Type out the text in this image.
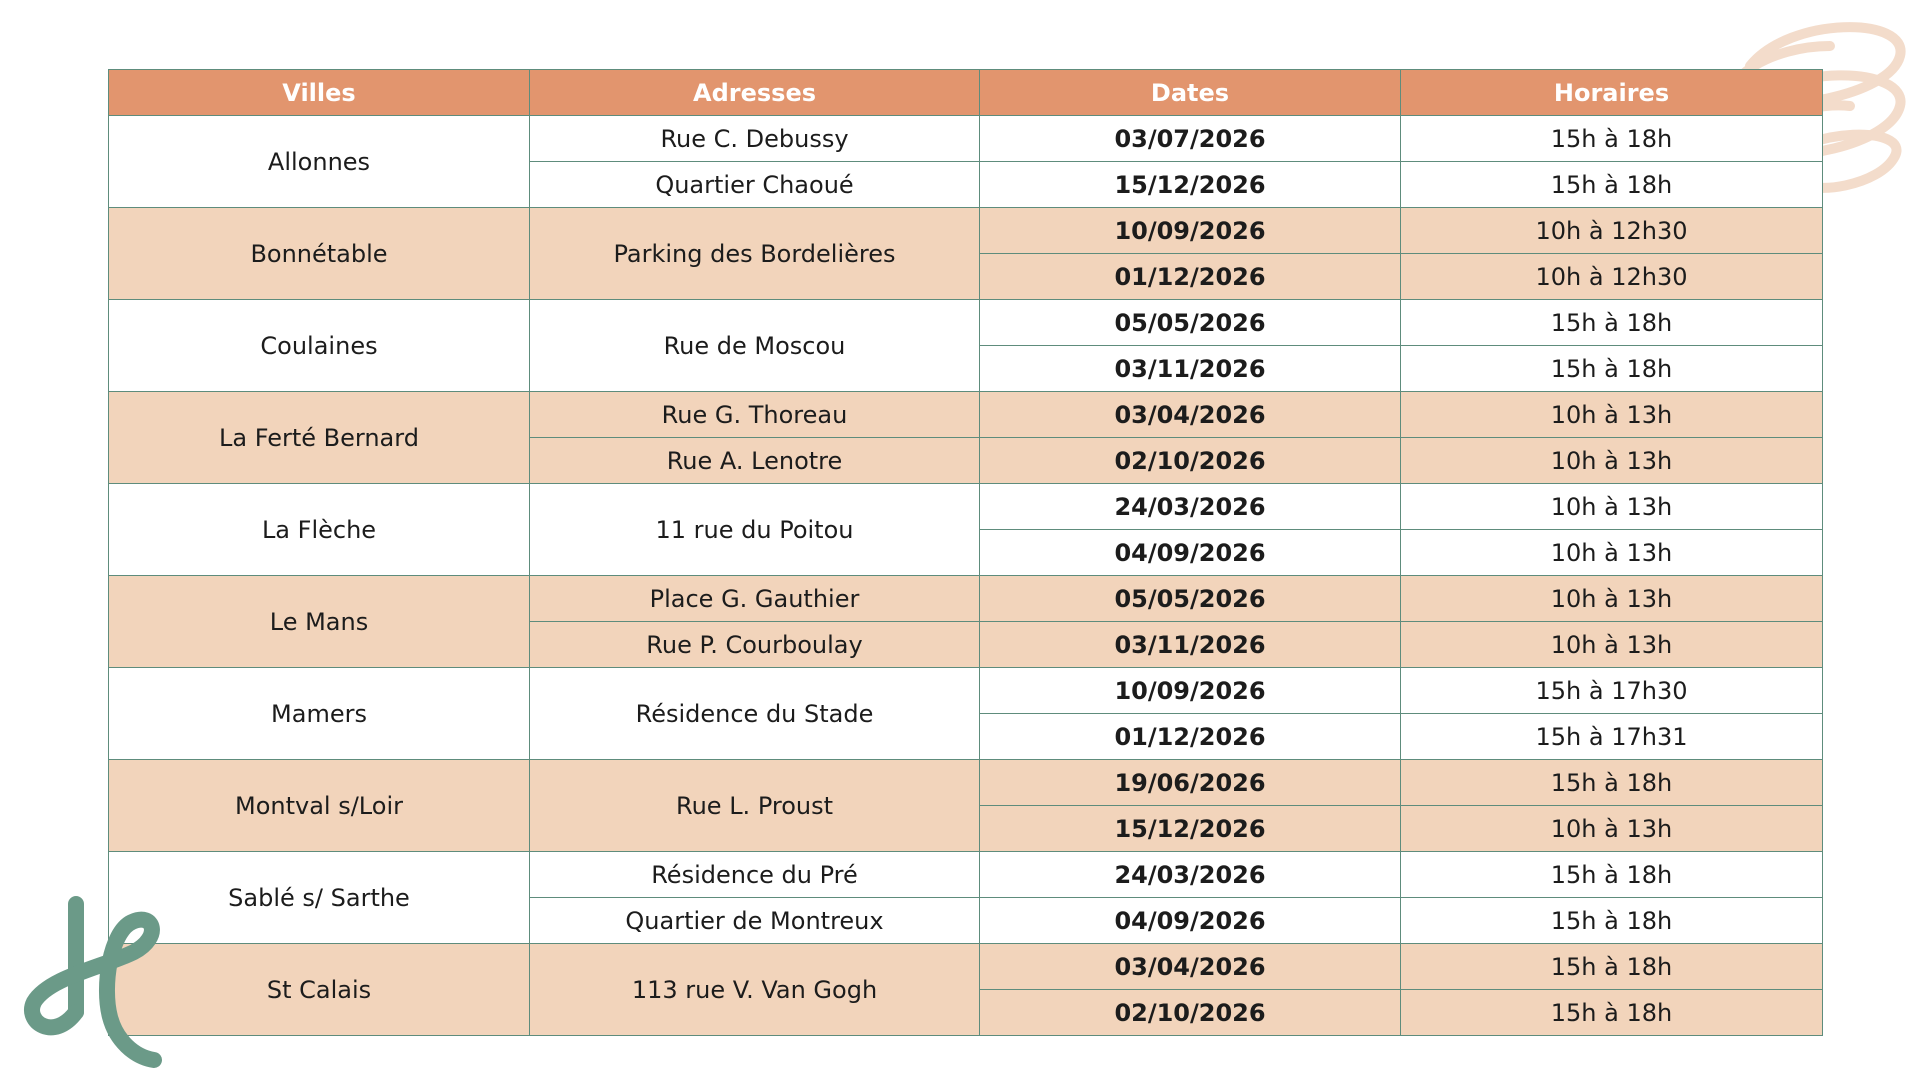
Villes	Adresses	Dates	Horaires
Allonnes	Rue C. Debussy	03/07/2026	15h à 18h
	Quartier Chaoué	15/12/2026	15h à 18h
Bonnétable	Parking des Bordelières	10/09/2026	10h à 12h30
		01/12/2026	10h à 12h30
Coulaines	Rue de Moscou	05/05/2026	15h à 18h
		03/11/2026	15h à 18h
La Ferté Bernard	Rue G. Thoreau	03/04/2026	10h à 13h
	Rue A. Lenotre	02/10/2026	10h à 13h
La Flèche	11 rue du Poitou	24/03/2026	10h à 13h
		04/09/2026	10h à 13h
Le Mans	Place G. Gauthier	05/05/2026	10h à 13h
	Rue P. Courboulay	03/11/2026	10h à 13h
Mamers	Résidence du Stade	10/09/2026	15h à 17h30
		01/12/2026	15h à 17h31
Montval s/Loir	Rue L. Proust	19/06/2026	15h à 18h
		15/12/2026	10h à 13h
Sablé s/ Sarthe	Résidence du Pré	24/03/2026	15h à 18h
	Quartier de Montreux	04/09/2026	15h à 18h
St Calais	113 rue V. Van Gogh	03/04/2026	15h à 18h
		02/10/2026	15h à 18h
